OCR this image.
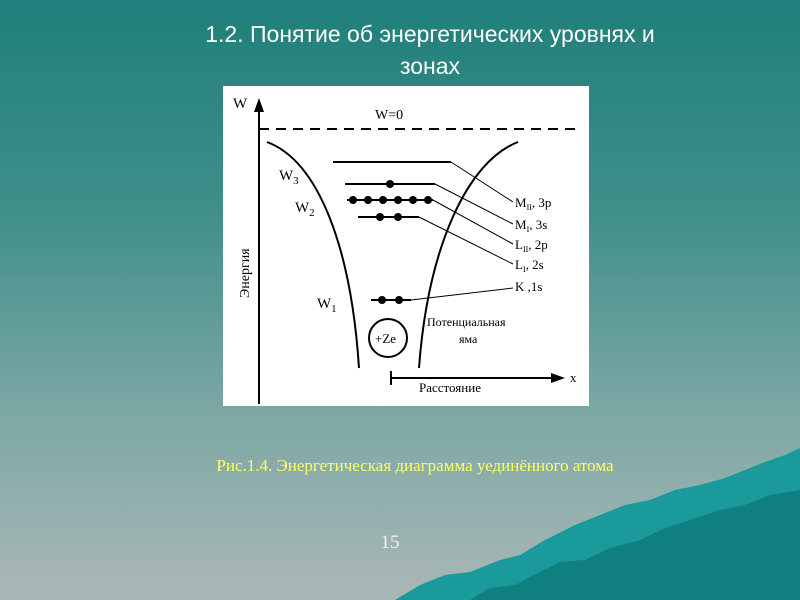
1.2. Понятие об энергетических уровнях и
зонах
W
Энергия
W=0
$W_3$
$W_2$
$W_1$
$M_{II}$, 3p
$M_I$, 3s
$L_{II}$, 2p
$L_I$, 2s
K ,1s
Потенциальная
яма
+Ze
x
Расстояние
Рис.1.4. Энергетическая диаграмма уединённого атома
15
